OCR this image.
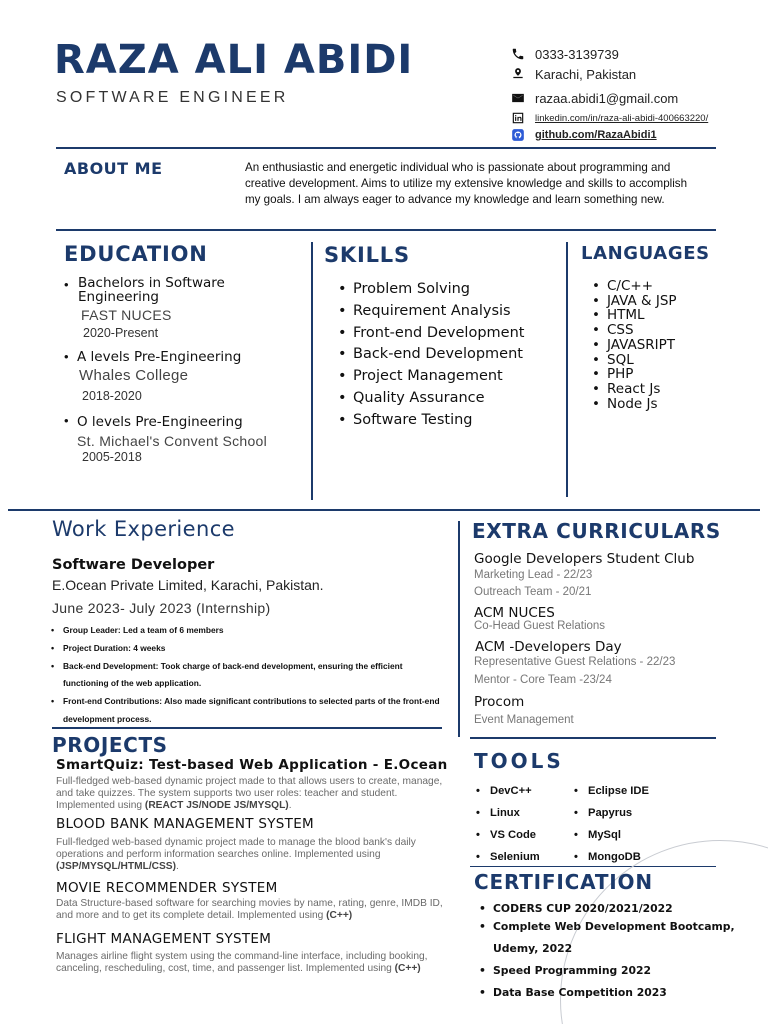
RAZA ALI ABIDI
SOFTWARE ENGINEER
0333-3139739
Karachi, Pakistan
razaa.abidi1@gmail.com
linkedin.com/in/raza-ali-abidi-400663220/
github.com/RazaAbidi1
ABOUT ME	An enthusiastic and energetic individual who is passionate about programming and creative development. Aims to utilize my extensive knowledge and skills to accomplish my goals. I am always eager to advance my knowledge and learn something new.
EDUCATION
• Bachelors in Software Engineering
FAST NUCES
2020-Present
• A levels Pre-Engineering
Whales College
2018-2020
• O levels Pre-Engineering
St. Michael's Convent School
2005-2018
SKILLS
• Problem Solving
• Requirement Analysis
• Front-end Development
• Back-end Development
• Project Management
• Quality Assurance
• Software Testing
LANGUAGES
• C/C++
• JAVA & JSP
• HTML
• CSS
• JAVASRIPT
• SQL
• PHP
• React Js
• Node Js
Work Experience
Software Developer
E.Ocean Private Limited, Karachi, Pakistan.
June 2023- July 2023 (Internship)
• Group Leader: Led a team of 6 members
• Project Duration: 4 weeks
• Back-end Development: Took charge of back-end development, ensuring the efficient functioning of the web application.
• Front-end Contributions: Also made significant contributions to selected parts of the front-end development process.
PROJECTS
SmartQuiz: Test-based Web Application - E.Ocean
Full-fledged web-based dynamic project made to that allows users to create, manage, and take quizzes. The system supports two user roles: teacher and student. Implemented using (REACT JS/NODE JS/MYSQL).
BLOOD BANK MANAGEMENT SYSTEM
Full-fledged web-based dynamic project made to manage the blood bank's daily operations and perform information searches online. Implemented using (JSP/MYSQL/HTML/CSS).
MOVIE RECOMMENDER SYSTEM
Data Structure-based software for searching movies by name, rating, genre, IMDB ID, and more and to get its complete detail. Implemented using (C++)
FLIGHT MANAGEMENT SYSTEM
Manages airline flight system using the command-line interface, including booking, canceling, rescheduling, cost, time, and passenger list. Implemented using (C++)
EXTRA CURRICULARS
Google Developers Student Club
Marketing Lead - 22/23
Outreach Team - 20/21
ACM NUCES
Co-Head Guest Relations
ACM -Developers Day
Representative Guest Relations - 22/23
Mentor - Core Team -23/24
Procom
Event Management
TOOLS
• DevC++
• Linux
• VS Code
• Selenium
• Eclipse IDE
• Papyrus
• MySql
• MongoDB
CERTIFICATION
• CODERS CUP 2020/2021/2022
• Complete Web Development Bootcamp, Udemy, 2022
• Speed Programming 2022
• Data Base Competition 2023
